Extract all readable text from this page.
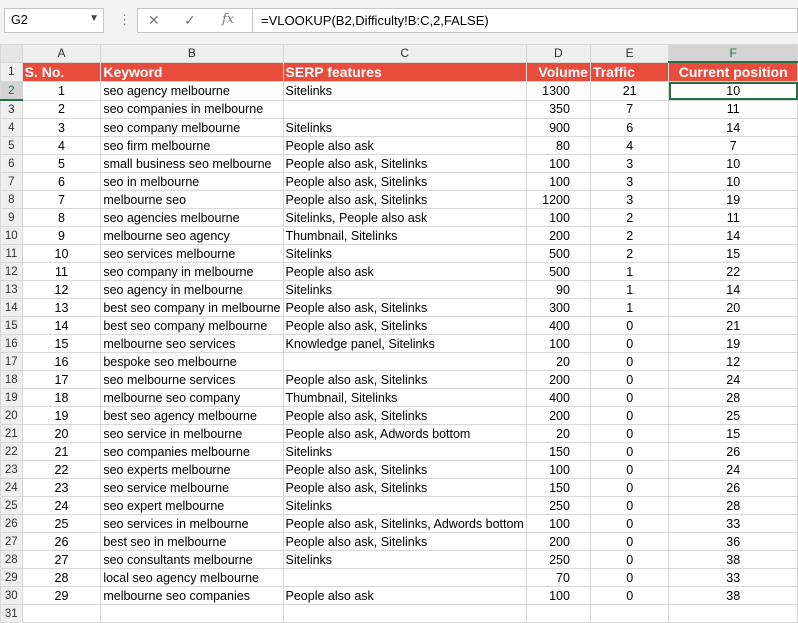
G2	▼ ⋮ ✕ ✓ fx	=VLOOKUP(B2,Difficulty!B:C,2,FALSE)
	A	B	C	D	E	F
1	S. No.	Keyword	SERP features	Volume	Traffic	Current position
2	1	seo agency melbourne	Sitelinks	1300	21	10
3	2	seo companies in melbourne		350	7	11
4	3	seo company melbourne	Sitelinks	900	6	14
5	4	seo firm melbourne	People also ask	80	4	7
6	5	small business seo melbourne	People also ask, Sitelinks	100	3	10
7	6	seo in melbourne	People also ask, Sitelinks	100	3	10
8	7	melbourne seo	People also ask, Sitelinks	1200	3	19
9	8	seo agencies melbourne	Sitelinks, People also ask	100	2	11
10	9	melbourne seo agency	Thumbnail, Sitelinks	200	2	14
11	10	seo services melbourne	Sitelinks	500	2	15
12	11	seo company in melbourne	People also ask	500	1	22
13	12	seo agency in melbourne	Sitelinks	90	1	14
14	13	best seo company in melbourne	People also ask, Sitelinks	300	1	20
15	14	best seo company melbourne	People also ask, Sitelinks	400	0	21
16	15	melbourne seo services	Knowledge panel, Sitelinks	100	0	19
17	16	bespoke seo melbourne		20	0	12
18	17	seo melbourne services	People also ask, Sitelinks	200	0	24
19	18	melbourne seo company	Thumbnail, Sitelinks	400	0	28
20	19	best seo agency melbourne	People also ask, Sitelinks	200	0	25
21	20	seo service in melbourne	People also ask, Adwords bottom	20	0	15
22	21	seo companies melbourne	Sitelinks	150	0	26
23	22	seo experts melbourne	People also ask, Sitelinks	100	0	24
24	23	seo service melbourne	People also ask, Sitelinks	150	0	26
25	24	seo expert melbourne	Sitelinks	250	0	28
26	25	seo services in melbourne	People also ask, Sitelinks, Adwords bottom	100	0	33
27	26	best seo in melbourne	People also ask, Sitelinks	200	0	36
28	27	seo consultants melbourne	Sitelinks	250	0	38
29	28	local seo agency melbourne		70	0	33
30	29	melbourne seo companies	People also ask	100	0	38
31						
